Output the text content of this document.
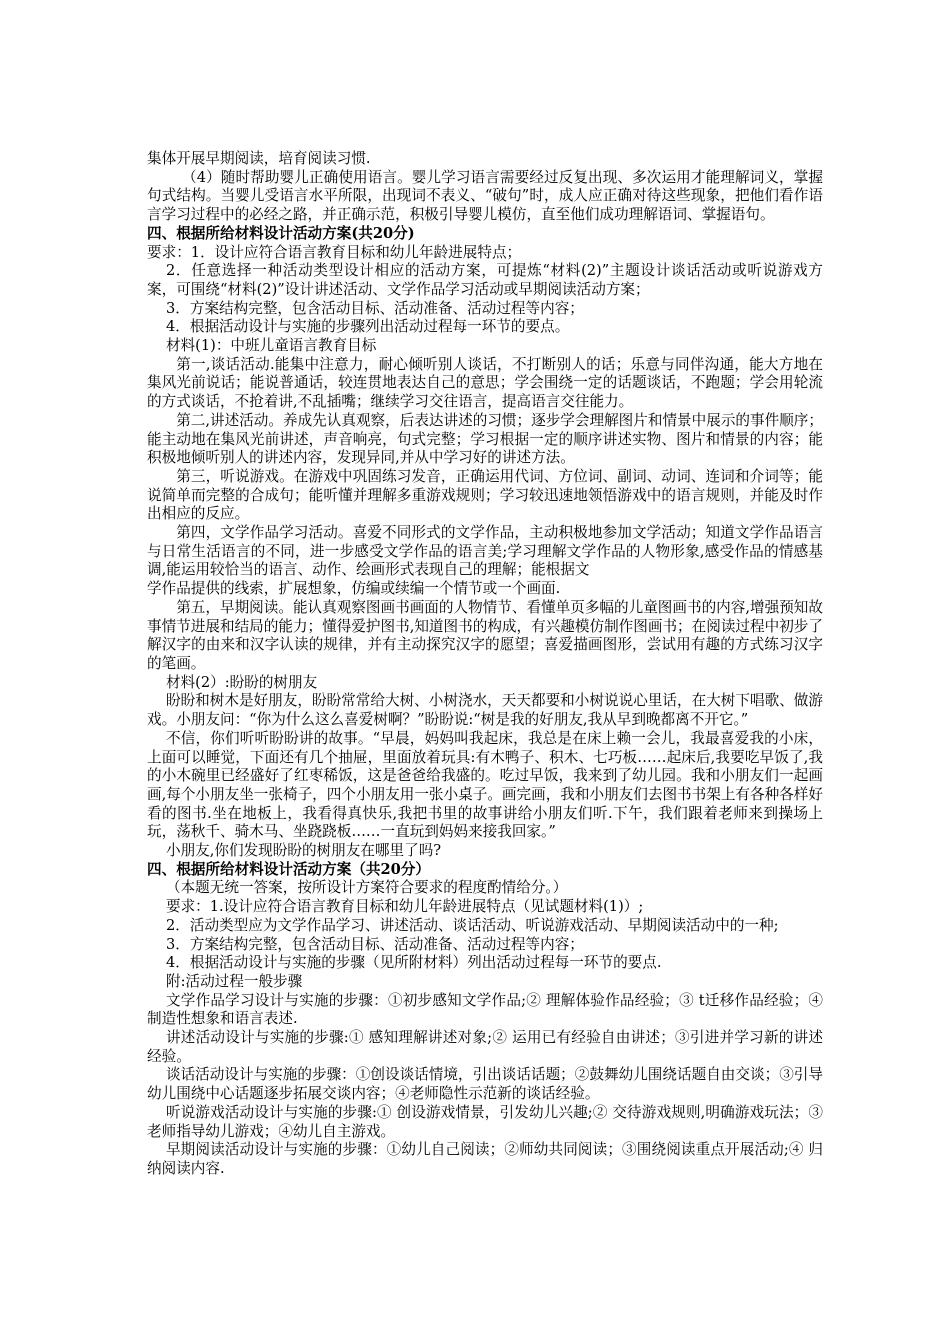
集体开展早期阅读，培育阅读习惯.

（4）随时帮助婴儿正确使用语言。婴儿学习语言需要经过反复出现、多次运用才能理解词义，掌握句式结构。当婴儿受语言水平所限，出现词不表义、“破句”时，成人应正确对待这些现象，把他们看作语言学习过程中的必经之路，并正确示范，积极引导婴儿模仿，直至他们成功理解语词、掌握语句。

四、根据所给材料设计活动方案(共20分)

要求：1．设计应符合语言教育目标和幼儿年龄进展特点；

2．任意选择一种活动类型设计相应的活动方案，可提炼“材料(2)”主题设计谈话活动或听说游戏方案，可围绕“材料(2)”设计讲述活动、文学作品学习活动或早期阅读活动方案；

3．方案结构完整，包含活动目标、活动准备、活动过程等内容；

4．根据活动设计与实施的步骤列出活动过程每一环节的要点。

材料(1)：中班儿童语言教育目标

第一,谈话活动.能集中注意力，耐心倾听别人谈话，不打断别人的话；乐意与同伴沟通，能大方地在集风光前说话；能说普通话，较连贯地表达自己的意思；学会围绕一定的话题谈话，不跑题；学会用轮流的方式谈话，不抢着讲,不乱插嘴；继续学习交往语言，提高语言交往能力。

第二,讲述活动。养成先认真观察，后表达讲述的习惯；逐步学会理解图片和情景中展示的事件顺序；能主动地在集风光前讲述，声音响亮，句式完整；学习根据一定的顺序讲述实物、图片和情景的内容；能积极地倾听别人的讲述内容，发现异同,并从中学习好的讲述方法。

第三，听说游戏。在游戏中巩固练习发音，正确运用代词、方位词、副词、动词、连词和介词等；能说简单而完整的合成句；能听懂并理解多重游戏规则；学习较迅速地领悟游戏中的语言规则，并能及时作出相应的反应。

第四，文学作品学习活动。喜爱不同形式的文学作品，主动积极地参加文学活动；知道文学作品语言与日常生活语言的不同，进一步感受文学作品的语言美;学习理解文学作品的人物形象,感受作品的情感基调,能运用较恰当的语言、动作、绘画形式表现自己的理解；能根据文

学作品提供的线索，扩展想象，仿编或续编一个情节或一个画面.

第五，早期阅读。能认真观察图画书画面的人物情节、看懂单页多幅的儿童图画书的内容,增强预知故事情节进展和结局的能力；懂得爱护图书,知道图书的构成，有兴趣模仿制作图画书；在阅读过程中初步了解汉字的由来和汉字认读的规律，并有主动探究汉字的愿望；喜爱描画图形，尝试用有趣的方式练习汉字的笔画。

材料(2）:盼盼的树朋友

盼盼和树木是好朋友，盼盼常常给大树、小树浇水，天天都要和小树说说心里话，在大树下唱歌、做游戏。小朋友问：“你为什么这么喜爱树啊？”盼盼说:“树是我的好朋友,我从早到晚都离不开它。”

不信，你们听听盼盼讲的故事。“早晨，妈妈叫我起床，我总是在床上赖一会儿，我最喜爱我的小床，上面可以睡觉，下面还有几个抽屉，里面放着玩具:有木鸭子、积木、七巧板……起床后,我要吃早饭了,我的小木碗里已经盛好了红枣稀饭，这是爸爸给我盛的。吃过早饭，我来到了幼儿园。我和小朋友们一起画画,每个小朋友坐一张椅子，四个小朋友用一张小桌子。画完画，我和小朋友们去图书书架上有各种各样好看的图书.坐在地板上，我看得真快乐,我把书里的故事讲给小朋友们听.下午，我们跟着老师来到操场上玩，荡秋千、骑木马、坐跷跷板……一直玩到妈妈来接我回家。”

小朋友,你们发现盼盼的树朋友在哪里了吗?

四、根据所给材料设计活动方案（共20分）

（本题无统一答案，按所设计方案符合要求的程度酌情给分。）

要求：1.设计应符合语言教育目标和幼儿年龄进展特点（见试题材料(1)）;

2．活动类型应为文学作品学习、讲述活动、谈话活动、听说游戏活动、早期阅读活动中的一种;

3．方案结构完整，包含活动目标、活动准备、活动过程等内容；

4．根据活动设计与实施的步骤（见所附材料）列出活动过程每一环节的要点.

附:活动过程一般步骤

文学作品学习设计与实施的步骤：①初步感知文学作品;② 理解体验作品经验；③ t迁移作品经验；④制造性想象和语言表述.

讲述活动设计与实施的步骤:① 感知理解讲述对象;② 运用已有经验自由讲述；③引进并学习新的讲述经验。

谈话活动设计与实施的步骤：①创设谈话情境，引出谈话话题；②鼓舞幼儿围绕话题自由交谈；③引导幼儿围绕中心话题逐步拓展交谈内容；④老师隐性示范新的谈话经验。

听说游戏活动设计与实施的步骤:① 创设游戏情景，引发幼儿兴趣;② 交待游戏规则,明确游戏玩法；③老师指导幼儿游戏；④幼儿自主游戏。

早期阅读活动设计与实施的步骤：①幼儿自己阅读；②师幼共同阅读；③围绕阅读重点开展活动;④ 归纳阅读内容.
